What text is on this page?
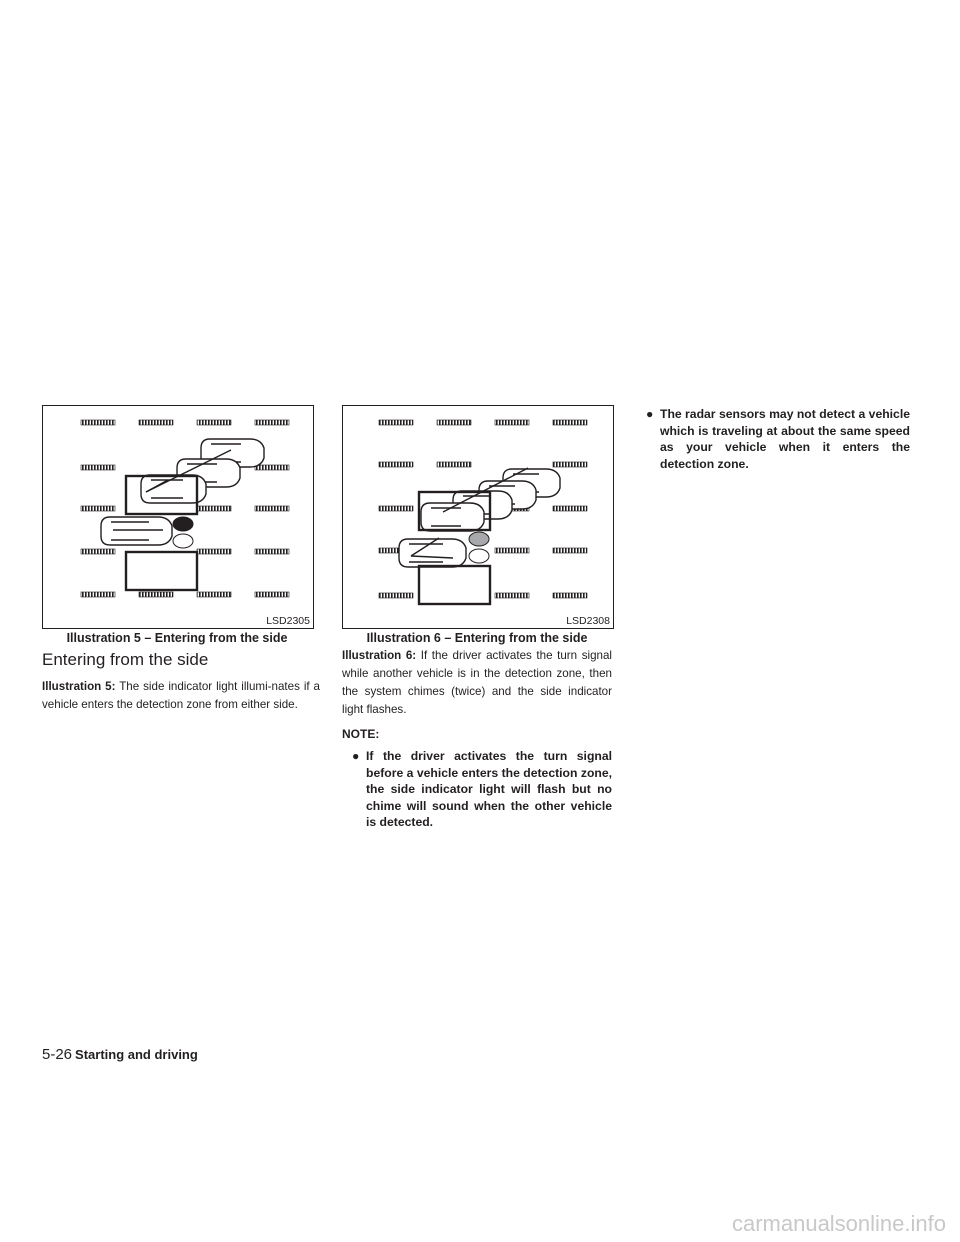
LSD2305
Illustration 5 – Entering from the side
LSD2308
Illustration 6 – Entering from the side
Entering from the side

Illustration 5: The side indicator light illumi-nates if a vehicle enters the detection zone from either side.

Illustration 6: If the driver activates the turn signal while another vehicle is in the detection zone, then the system chimes (twice) and the side indicator light flashes.

NOTE:
● If the driver activates the turn signal before a vehicle enters the detection zone, the side indicator light will flash but no chime will sound when the other vehicle is detected.
● The radar sensors may not detect a vehicle which is traveling at about the same speed as your vehicle when it enters the detection zone.
5-26 Starting and driving
carmanualsonline.info
